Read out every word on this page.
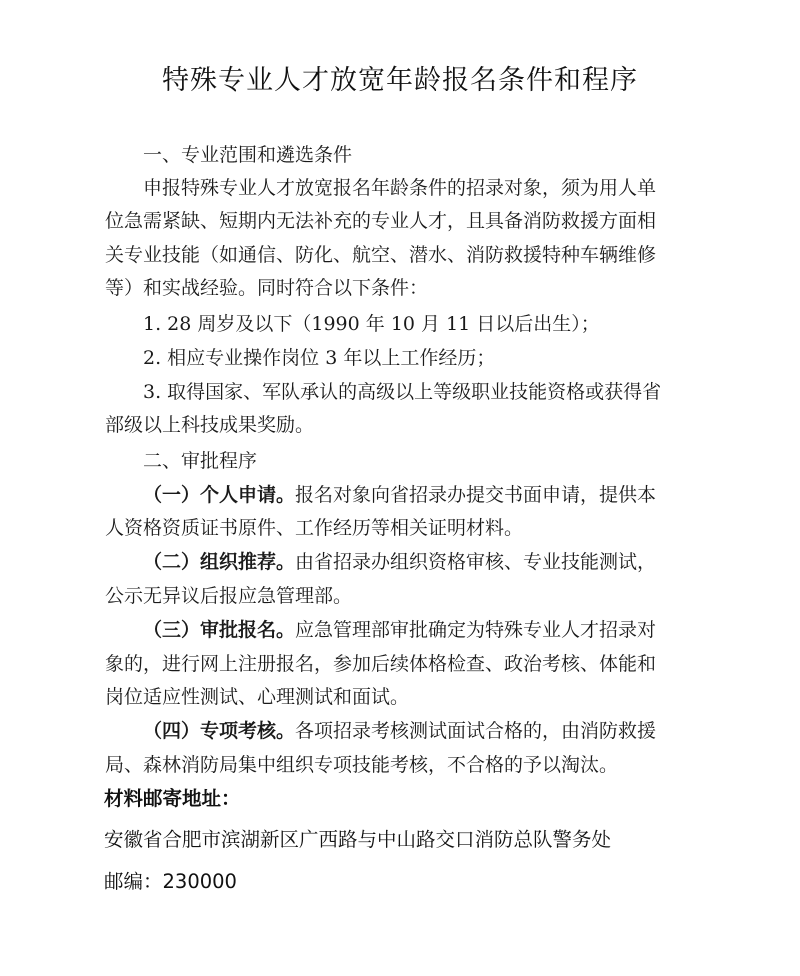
特殊专业人才放宽年龄报名条件和程序
一、专业范围和遴选条件
申报特殊专业人才放宽报名年龄条件的招录对象，须为用人单
位急需紧缺、短期内无法补充的专业人才，且具备消防救援方面相
关专业技能（如通信、防化、航空、潜水、消防救援特种车辆维修
等）和实战经验。同时符合以下条件：
1. 28 周岁及以下（1990 年 10 月 11 日以后出生）；
2. 相应专业操作岗位 3 年以上工作经历；
3. 取得国家、军队承认的高级以上等级职业技能资格或获得省
部级以上科技成果奖励。
二、审批程序
（一）个人申请。报名对象向省招录办提交书面申请，提供本
人资格资质证书原件、工作经历等相关证明材料。
（二）组织推荐。由省招录办组织资格审核、专业技能测试，
公示无异议后报应急管理部。
（三）审批报名。应急管理部审批确定为特殊专业人才招录对
象的，进行网上注册报名，参加后续体格检查、政治考核、体能和
岗位适应性测试、心理测试和面试。
（四）专项考核。各项招录考核测试面试合格的，由消防救援
局、森林消防局集中组织专项技能考核，不合格的予以淘汰。
材料邮寄地址：
安徽省合肥市滨湖新区广西路与中山路交口消防总队警务处
邮编：230000
